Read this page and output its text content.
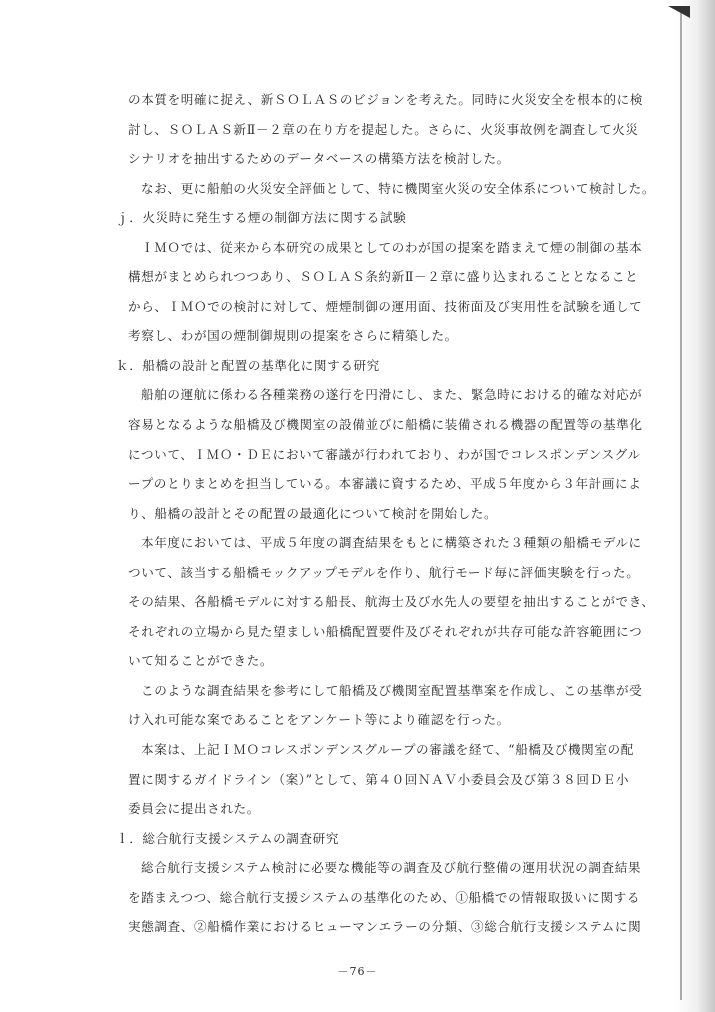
の本質を明確に捉え、新ＳＯＬＡＳのビジョンを考えた。同時に火災安全を根本的に検
討し、ＳＯＬＡＳ新Ⅱ－２章の在り方を提起した。さらに、火災事故例を調査して火災
シナリオを抽出するためのデータベースの構築方法を検討した。
なお、更に船舶の火災安全評価として、特に機関室火災の安全体系について検討した。
ｊ．火災時に発生する煙の制御方法に関する試験
ＩＭＯでは、従来から本研究の成果としてのわが国の提案を踏まえて煙の制御の基本
構想がまとめられつつあり、ＳＯＬＡＳ条約新Ⅱ－２章に盛り込まれることとなること
から、ＩＭＯでの検討に対して、煙煙制御の運用面、技術面及び実用性を試験を通して
考察し、わが国の煙制御規則の提案をさらに精築した。
ｋ．船橋の設計と配置の基準化に関する研究
船舶の運航に係わる各種業務の遂行を円滑にし、また、緊急時における的確な対応が
容易となるような船橋及び機関室の設備並びに船橋に装備される機器の配置等の基準化
について、ＩＭＯ・ＤＥにおいて審議が行われており、わが国でコレスポンデンスグル
ープのとりまとめを担当している。本審議に資するため、平成５年度から３年計画によ
り、船橋の設計とその配置の最適化について検討を開始した。
本年度においては、平成５年度の調査結果をもとに構築された３種類の船橋モデルに
ついて、該当する船橋モックアップモデルを作り、航行モード毎に評価実験を行った。
その結果、各船橋モデルに対する船長、航海士及び水先人の要望を抽出することができ、
それぞれの立場から見た望ましい船橋配置要件及びそれぞれが共存可能な許容範囲につ
いて知ることができた。
このような調査結果を参考にして船橋及び機関室配置基準案を作成し、この基準が受
け入れ可能な案であることをアンケート等により確認を行った。
本案は、上記ＩＭＯコレスポンデンスグループの審議を経て、“船橋及び機関室の配
置に関するガイドライン（案）”として、第４０回ＮＡＶ小委員会及び第３８回ＤＥ小
委員会に提出された。
ｌ．総合航行支援システムの調査研究
総合航行支援システム検討に必要な機能等の調査及び航行整備の運用状況の調査結果
を踏まえつつ、総合航行支援システムの基準化のため、①船橋での情報取扱いに関する
実態調査、②船橋作業におけるヒューマンエラーの分類、③総合航行支援システムに関
－76－
